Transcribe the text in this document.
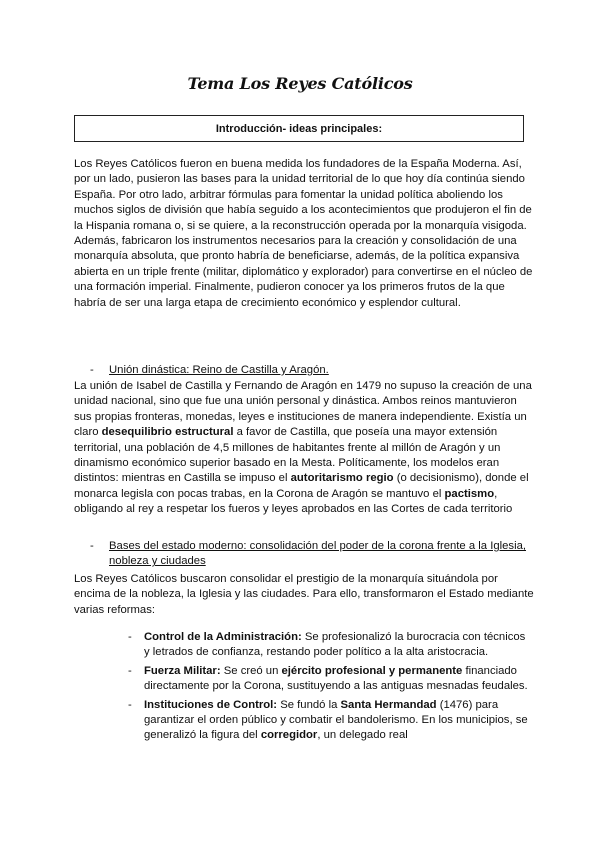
Tema Los Reyes Católicos
Introducción- ideas principales:

Los Reyes Católicos fueron en buena medida los fundadores de la España Moderna. Así, por un lado, pusieron las bases para la unidad territorial de lo que hoy día continúa siendo España. Por otro lado, arbitrar fórmulas para fomentar la unidad política aboliendo los muchos siglos de división que había seguido a los acontecimientos que produjeron el fin de la Hispania romana o, si se quiere, a la reconstrucción operada por la monarquía visigoda. Además, fabricaron los instrumentos necesarios para la creación y consolidación de una monarquía absoluta, que pronto habría de beneficiarse, además, de la política expansiva abierta en un triple frente (militar, diplomático y explorador) para convertirse en el núcleo de una formación imperial. Finalmente, pudieron conocer ya los primeros frutos de la que habría de ser una larga etapa de crecimiento económico y esplendor cultural.

- Unión dinástica: Reino de Castilla y Aragón.

La unión de Isabel de Castilla y Fernando de Aragón en 1479 no supuso la creación de una unidad nacional, sino que fue una unión personal y dinástica. Ambos reinos mantuvieron sus propias fronteras, monedas, leyes e instituciones de manera independiente. Existía un claro desequilibrio estructural a favor de Castilla, que poseía una mayor extensión territorial, una población de 4,5 millones de habitantes frente al millón de Aragón y un dinamismo económico superior basado en la Mesta. Políticamente, los modelos eran distintos: mientras en Castilla se impuso el autoritarismo regio (o decisionismo), donde el monarca legisla con pocas trabas, en la Corona de Aragón se mantuvo el pactismo, obligando al rey a respetar los fueros y leyes aprobados en las Cortes de cada territorio

- Bases del estado moderno: consolidación del poder de la corona frente a la Iglesia, nobleza y ciudades

Los Reyes Católicos buscaron consolidar el prestigio de la monarquía situándola por encima de la nobleza, la Iglesia y las ciudades. Para ello, transformaron el Estado mediante varias reformas:

- Control de la Administración: Se profesionalizó la burocracia con técnicos y letrados de confianza, restando poder político a la alta aristocracia.

- Fuerza Militar: Se creó un ejército profesional y permanente financiado directamente por la Corona, sustituyendo a las antiguas mesnadas feudales.

- Instituciones de Control: Se fundó la Santa Hermandad (1476) para garantizar el orden público y combatir el bandolerismo. En los municipios, se generalizó la figura del corregidor, un delegado real
